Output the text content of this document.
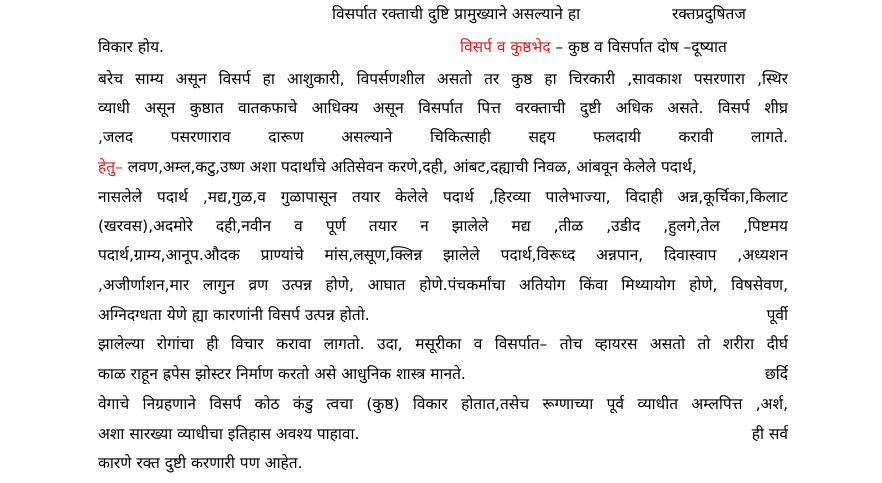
विसर्पात रक्ताची दुष्टि प्रामुख्याने असल्याने हा	रक्तप्रदुषितज
विकार होय.	विसर्प व कुष्ठभेद – कुष्ठ व विसर्पात दोष –दूष्यात
बरेच साम्य असून विसर्प हा आशुकारी, विपर्सणशील असतो तर कुष्ठ हा चिरकारी ,सावकाश पसरणारा ,स्थिर
व्याधी असून कुष्ठात वातकफाचे आधिक्य असून विसर्पात पित्त वरक्ताची दुष्टी अधिक असते. विसर्प शीघ्र
,जलद पसरणाराव दारूण असल्याने चिकित्साही सद्दय फलदायी करावी लागते.
हेतु– लवण,अम्ल,कटु,उष्ण अशा पदार्थांचे अतिसेवन करणे,दही, आंबट,दह्याची निवळ, आंबवून केलेले पदार्थ,
नासलेले पदार्थ ,मद्य,गुळ,व गुळापासून तयार केलेले पदार्थ ,हिरव्या पालेभाज्या, विदाही अन्न,कूर्चिका,किलाट
(खरवस),अदमोरे दही,नवीन व पूर्ण तयार न झालेले मद्य ,तीळ ,उडीद ,हुलगे,तेल ,पिष्टमय
पदार्थ,ग्राम्य,आनूप.औदक प्राण्यांचे मांस,लसूण,क्लिन्न झालेले पदार्थ,विरूध्द अन्नपान, दिवास्वाप ,अध्यशन
,अजीर्णाशन,मार लागुन व्रण उत्पन्न होणे, आघात होणे.पंचकर्मांचा अतियोग किंवा मिथ्यायोग होणे, विषसेवण,
अग्निदग्धता येणे ह्या कारणांनी विसर्प उत्पन्न होतो.	पूर्वी
झालेल्या रोगांचा ही विचार करावा लागतो. उदा, मसूरीका व विसर्पात– तोच व्हायरस असतो तो शरीरा दीर्घ
काळ राहून ह्रपेस झोस्टर निर्माण करतो असे आधुनिक शास्त्र मानते.	छर्दि
वेगाचे निग्रहणाने विसर्प कोठ कंडु त्वचा (कुष्ठ) विकार होतात,तसेच रूग्णाच्या पूर्व व्याधीत अम्लपित्त ,अर्श,
अशा सारख्या व्याधीचा इतिहास अवश्य पाहावा.	ही सर्व
कारणे रक्त दुष्टी करणारी पण आहेत.
